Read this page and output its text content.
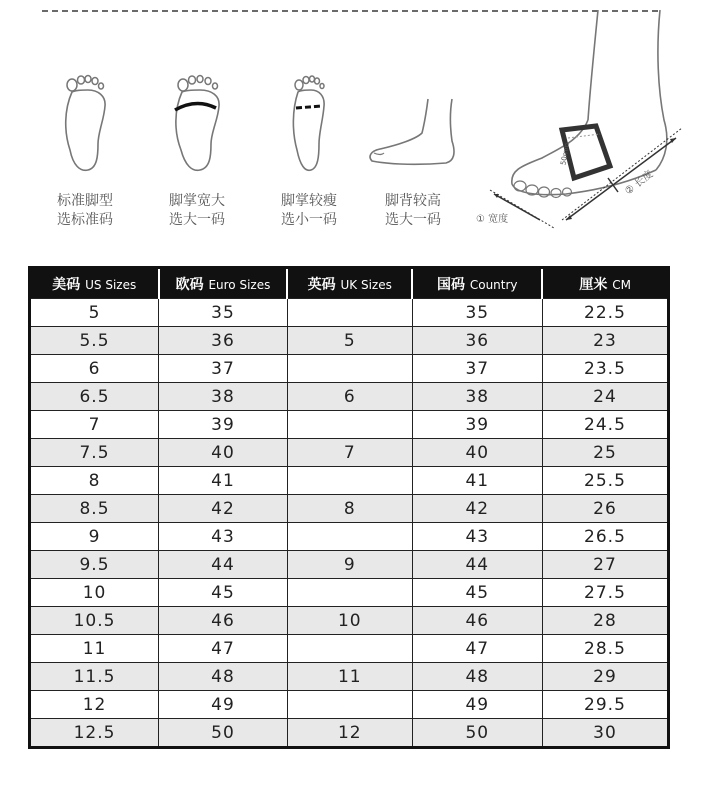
标准脚型
选标准码
脚掌宽大
选大一码
脚掌较瘦
选小一码
脚背较高
选大一码	① 宽度
② 长度
50mm
美码 US Sizes	欧码 Euro Sizes	英码 UK Sizes	国码 Country	厘米 CM
5	35		35	22.5
5.5	36	5	36	23
6	37		37	23.5
6.5	38	6	38	24
7	39		39	24.5
7.5	40	7	40	25
8	41		41	25.5
8.5	42	8	42	26
9	43		43	26.5
9.5	44	9	44	27
10	45		45	27.5
10.5	46	10	46	28
11	47		47	28.5
11.5	48	11	48	29
12	49		49	29.5
12.5	50	12	50	30
